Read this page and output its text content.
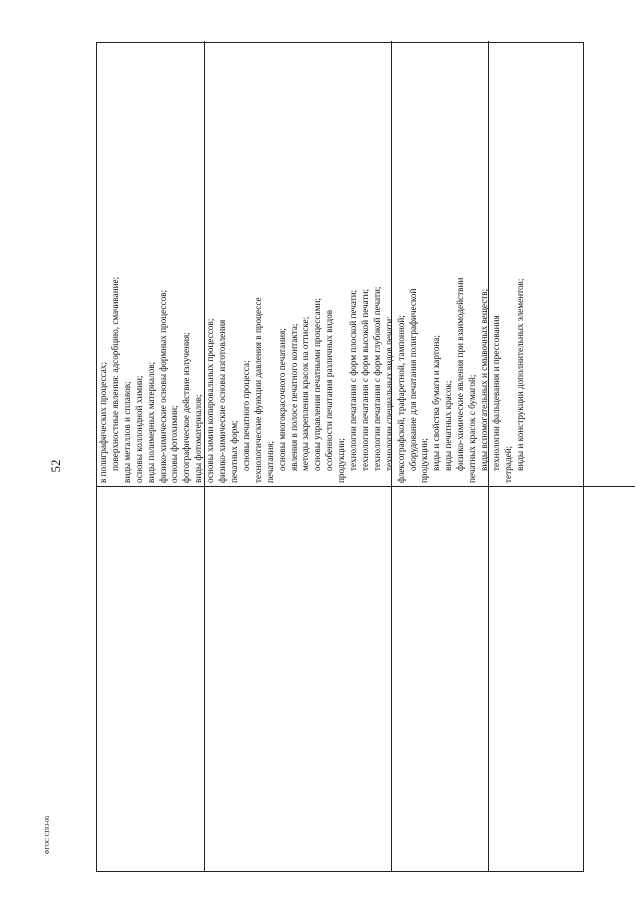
52
ФГОС СПО-06
в полиграфических процессах; поверхностные явления: адсорбцию, смачивание; виды металлов и сплавов; основы коллоидной химии; виды полимерных материалов; физико-химические основы формных процессов; основы фотохимии; фотографическое действие излучения; виды фотоматериалов; основы химии копировальных процессов; физико-химические основы изготовления печатных форм; основы печатного процесса; технологические функции давления в процессе печатания; основы многокрасочного печатания; явления в полосе печатного контакта; методы закрепления красок на оттиске; основы управления печатными процессами; особенности печатания различных видов продукции; технологии печатания с форм плоской печати; технологии печатания с форм высокой печати; технологии печатания с форм глубокой печати; технологии специальных видов печати: флексографской, трафаретной, тампонной; оборудование для печатания полиграфической продукции; виды и свойства бумаги и картона; виды печатных красок; физико-химические явления при взаимодействии печатных красок с бумагой; виды вспомогательных и смывочных веществ; технологии фальцевания и прессования тетрадей; виды и конструкции дополнительных элементов;
